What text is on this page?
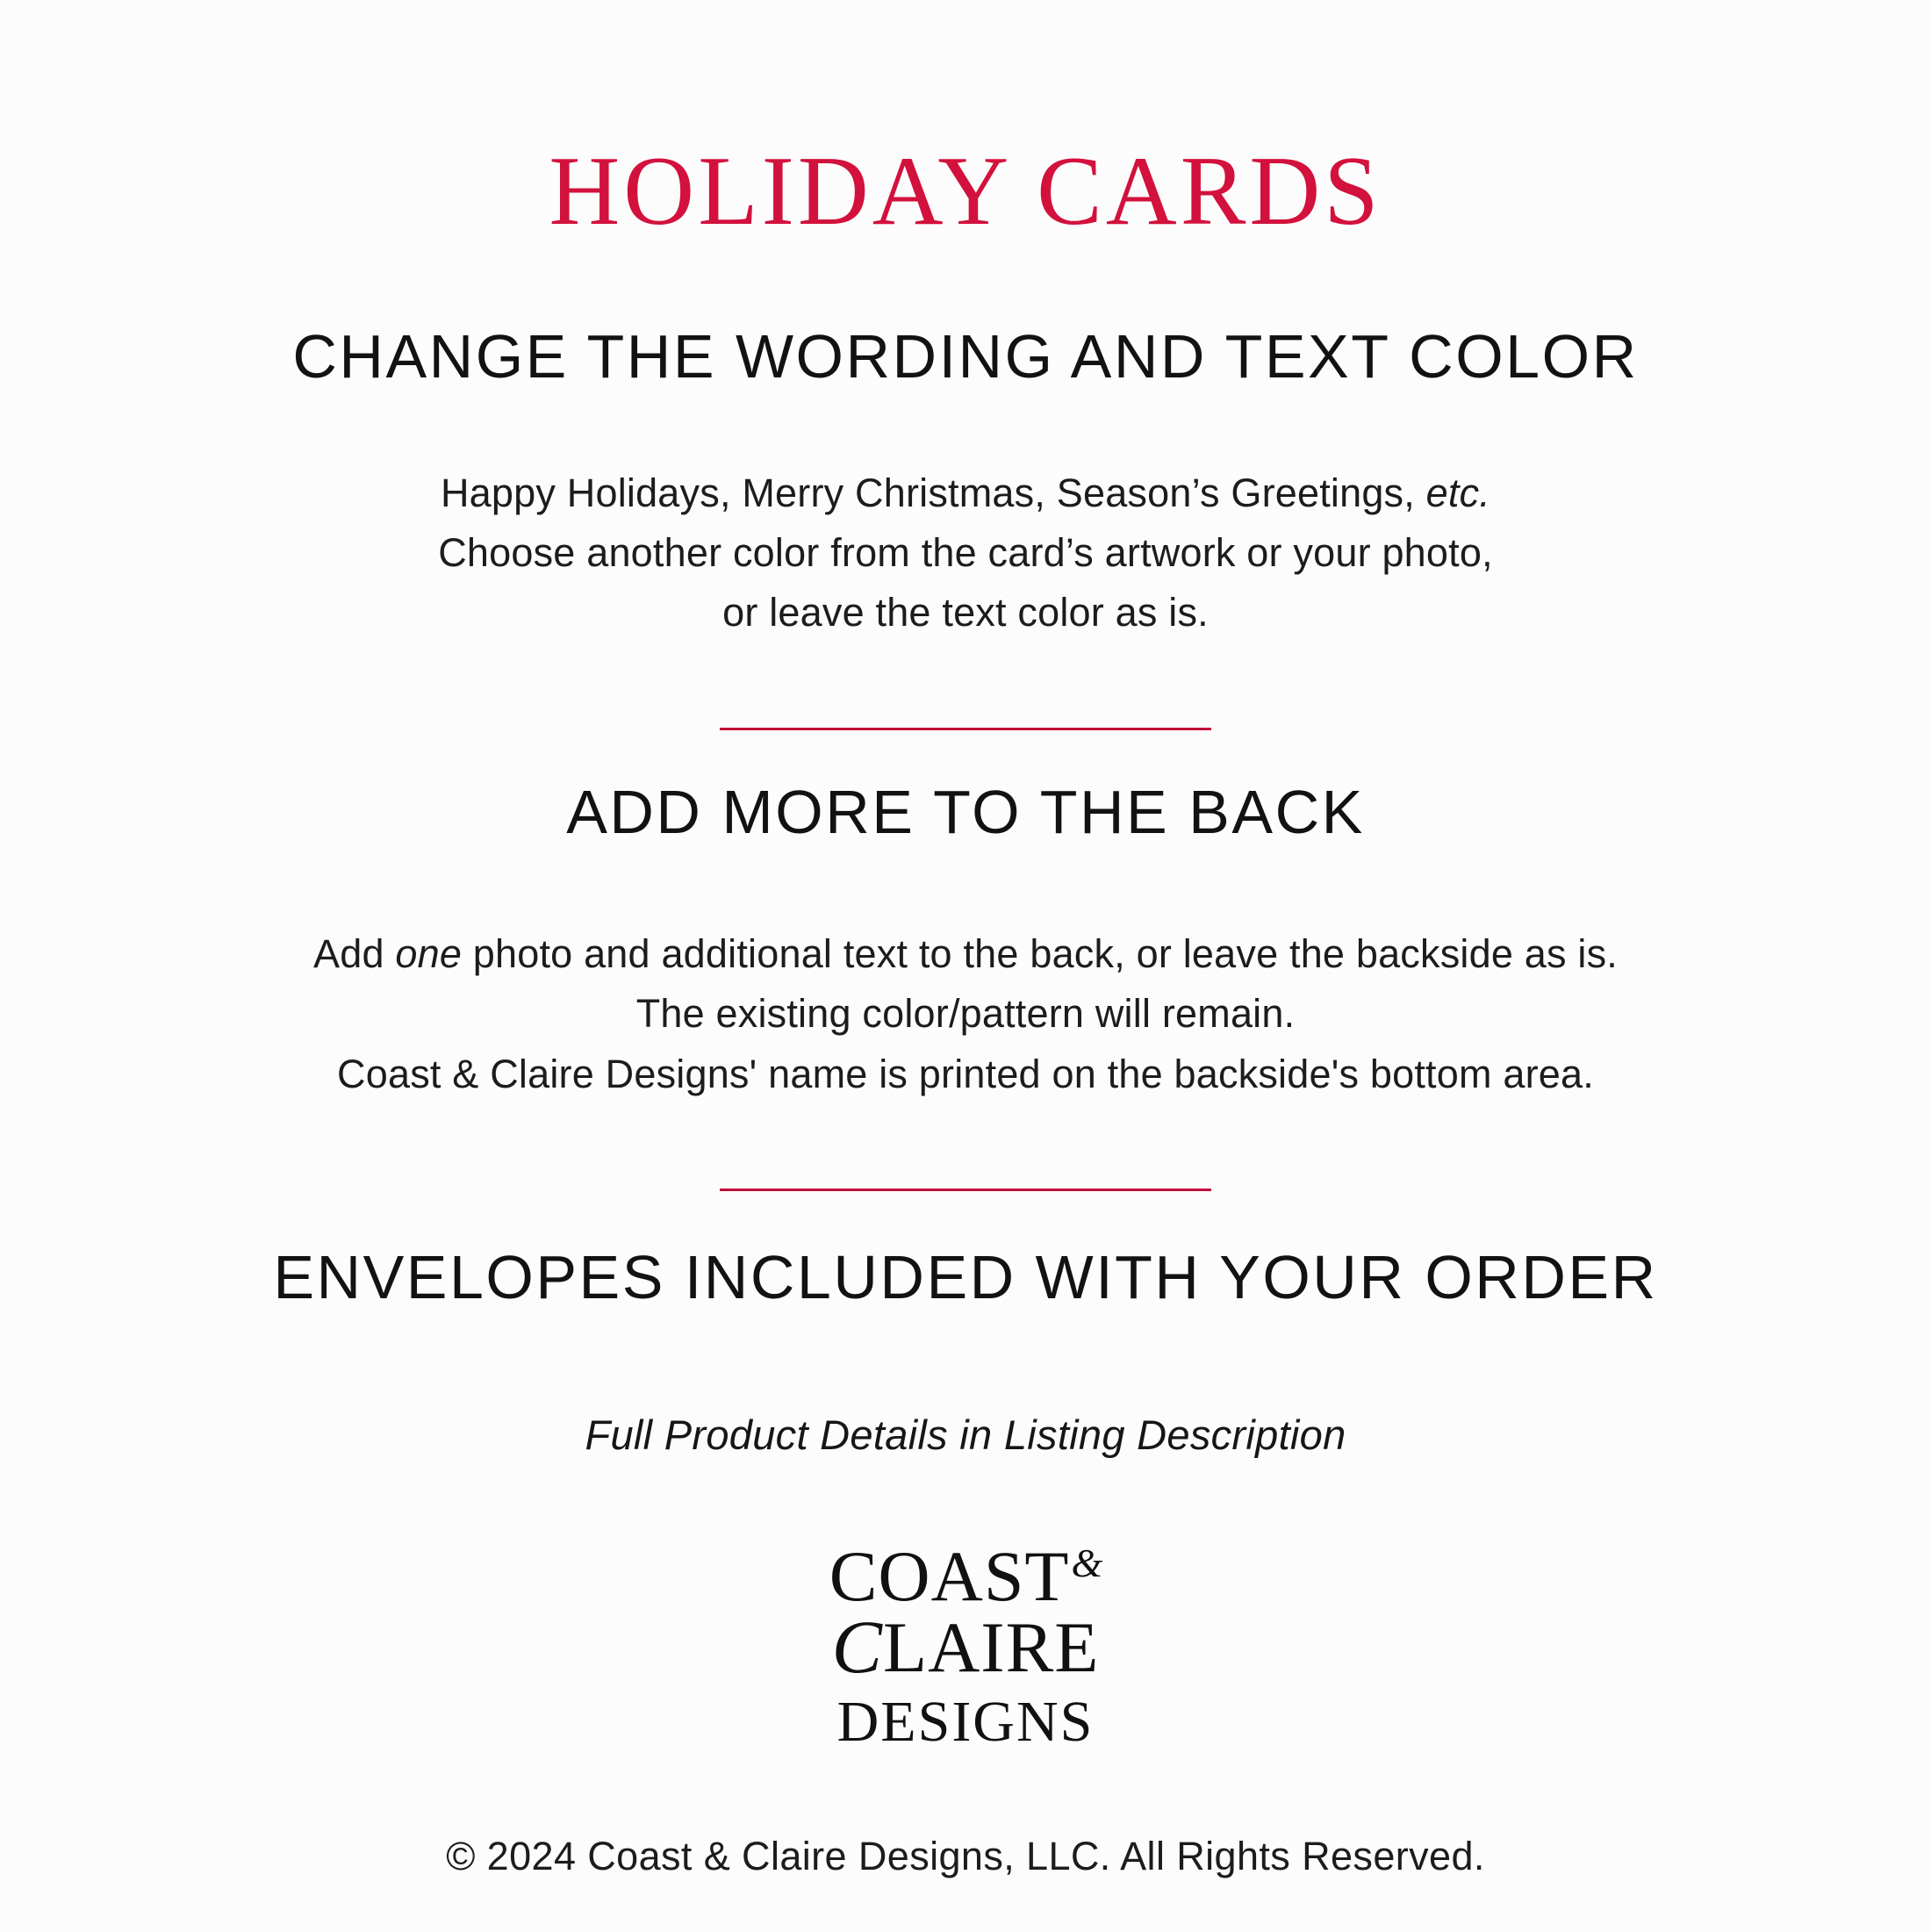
HOLIDAY CARDS
CHANGE THE WORDING AND TEXT COLOR
Happy Holidays, Merry Christmas, Season’s Greetings, etc.
Choose another color from the card’s artwork or your photo,
or leave the text color as is.
ADD MORE TO THE BACK
Add one photo and additional text to the back, or leave the backside as is.
The existing color/pattern will remain.
Coast & Claire Designs' name is printed on the backside's bottom area.
ENVELOPES INCLUDED WITH YOUR ORDER
Full Product Details in Listing Description
COAST &
C LAIRE
DESIGNS
© 2024 Coast & Claire Designs, LLC. All Rights Reserved.
